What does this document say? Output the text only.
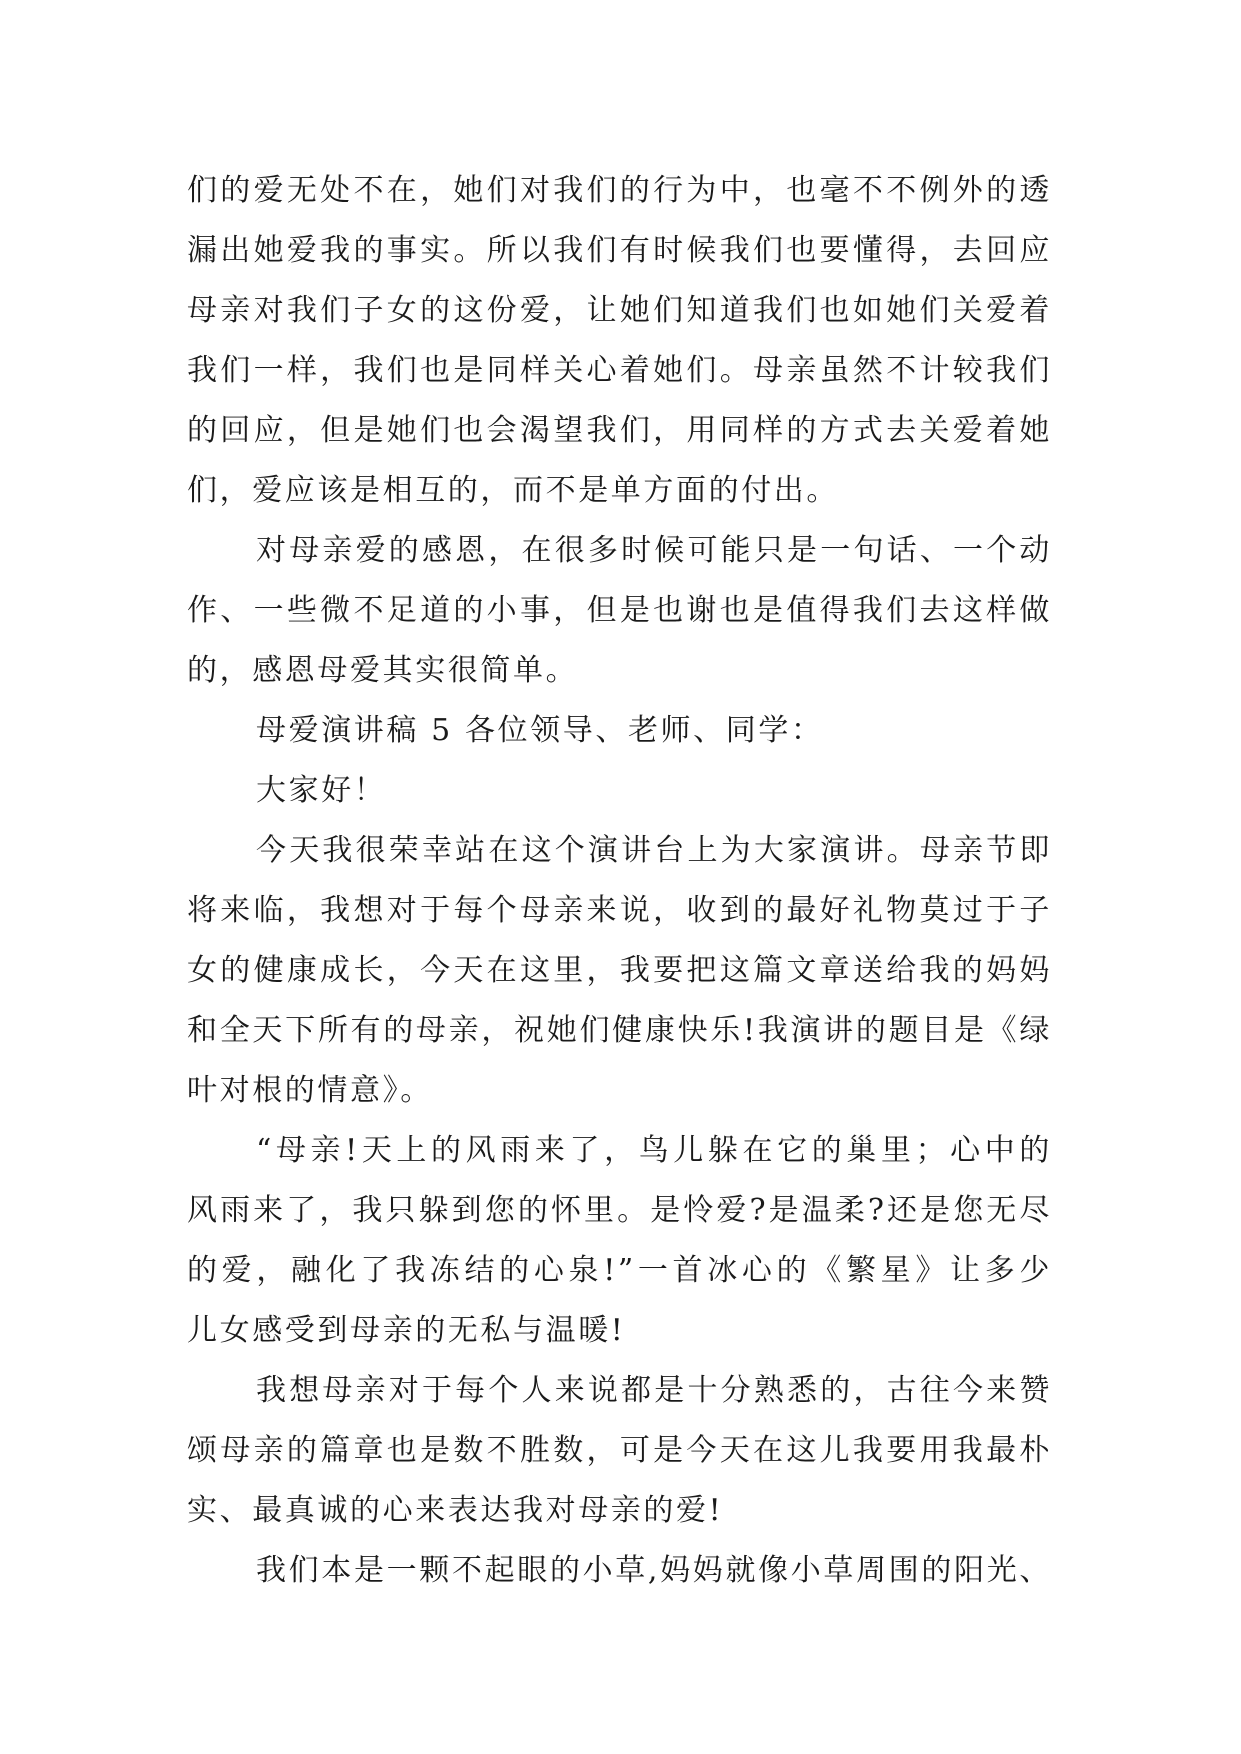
们的爱无处不在，她们对我们的行为中，也毫不不例外的透
漏出她爱我的事实。所以我们有时候我们也要懂得，去回应
母亲对我们子女的这份爱，让她们知道我们也如她们关爱着
我们一样，我们也是同样关心着她们。母亲虽然不计较我们
的回应，但是她们也会渴望我们，用同样的方式去关爱着她
们，爱应该是相互的，而不是单方面的付出。
对母亲爱的感恩，在很多时候可能只是一句话、一个动
作、一些微不足道的小事，但是也谢也是值得我们去这样做
的，感恩母爱其实很简单。
母爱演讲稿 5 各位领导、老师、同学：
大家好！
今天我很荣幸站在这个演讲台上为大家演讲。母亲节即
将来临，我想对于每个母亲来说，收到的最好礼物莫过于子
女的健康成长，今天在这里，我要把这篇文章送给我的妈妈
和全天下所有的母亲，祝她们健康快乐!我演讲的题目是《绿
叶对根的情意》。
“母亲!天上的风雨来了，鸟儿躲在它的巢里；心中的
风雨来了，我只躲到您的怀里。是怜爱?是温柔?还是您无尽
的爱，融化了我冻结的心泉!”一首冰心的《繁星》让多少
儿女感受到母亲的无私与温暖!
我想母亲对于每个人来说都是十分熟悉的，古往今来赞
颂母亲的篇章也是数不胜数，可是今天在这儿我要用我最朴
实、最真诚的心来表达我对母亲的爱!
我们本是一颗不起眼的小草,妈妈就像小草周围的阳光、
